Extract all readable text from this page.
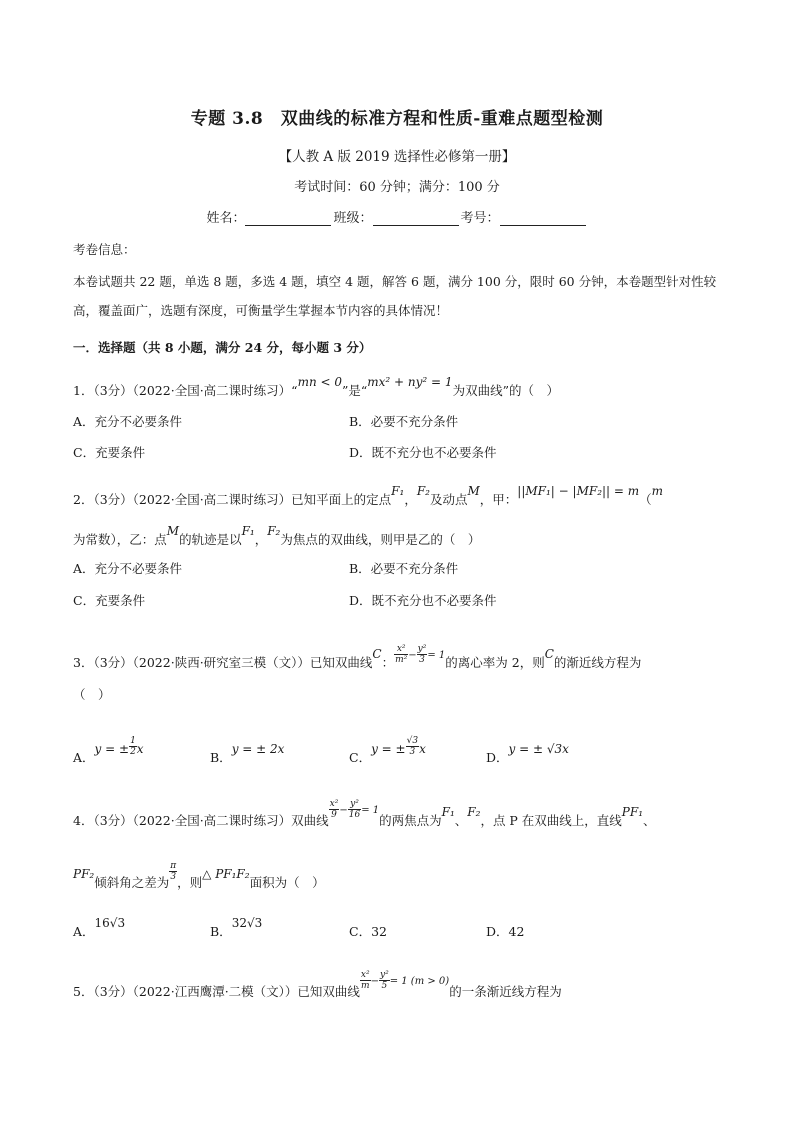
专题 3.8　双曲线的标准方程和性质-重难点题型检测
【人教 A 版 2019 选择性必修第一册】
考试时间：60 分钟；满分：100 分
姓名：	班级：	考号：
考卷信息：
本卷试题共 22 题，单选 8 题，多选 4 题，填空 4 题，解答 6 题，满分 100 分，限时 60 分钟，本卷题型针对性较高，覆盖面广，选题有深度，可衡量学生掌握本节内容的具体情况！
一．选择题（共 8 小题，满分 24 分，每小题 3 分）
1．（3分）（2022·全国·高二课时练习）“mn < 0”是“mx² + ny² = 1为双曲线”的（　）
A．充分不必要条件	B．必要不充分条件
C．充要条件	D．既不充分也不必要条件
2．（3分）（2022·全国·高二课时练习）已知平面上的定点F₁，F₂及动点M，甲：||MF₁| − |MF₂|| = m（m
为常数），乙：点M的轨迹是以F₁，F₂为焦点的双曲线，则甲是乙的（　）
A．充分不必要条件	B．必要不充分条件
C．充要条件	D．既不充分也不必要条件
3．（3分）（2022·陕西·研究室三模（文））已知双曲线C： $\frac{\text{x²}}{\text{m²}} ^- \frac{\text{y²}}{3} ^{= 1}$的离心率为 2，则C的渐近线方程为
（　）
A．y = ± $\frac{1}{2}$ x
B．y = ± 2x
C．y = ± $\frac{√3}{3}$ x
D．y = ± √3x
4．（3分）（2022·全国·高二课时练习）双曲线
$\frac{\text{x²}}{9} ^- \frac{\text{y²}}{16} ^{= 1}$的两焦点为F₁、F₂，点 P 在双曲线上，直线PF₁、
PF₂倾斜角之差为
$\frac{\pi}{3}$
，则△ PF₁F₂面积为（　）
A．16√3
B．32√3
C．32	D．42
5．（3分）（2022·江西鹰潭·二模（文））已知双曲线
$\frac{\text{x²}}{m} ^- \frac{\text{y²}}{5} ^{= 1 (m > 0)}$的一条渐近线方程为
